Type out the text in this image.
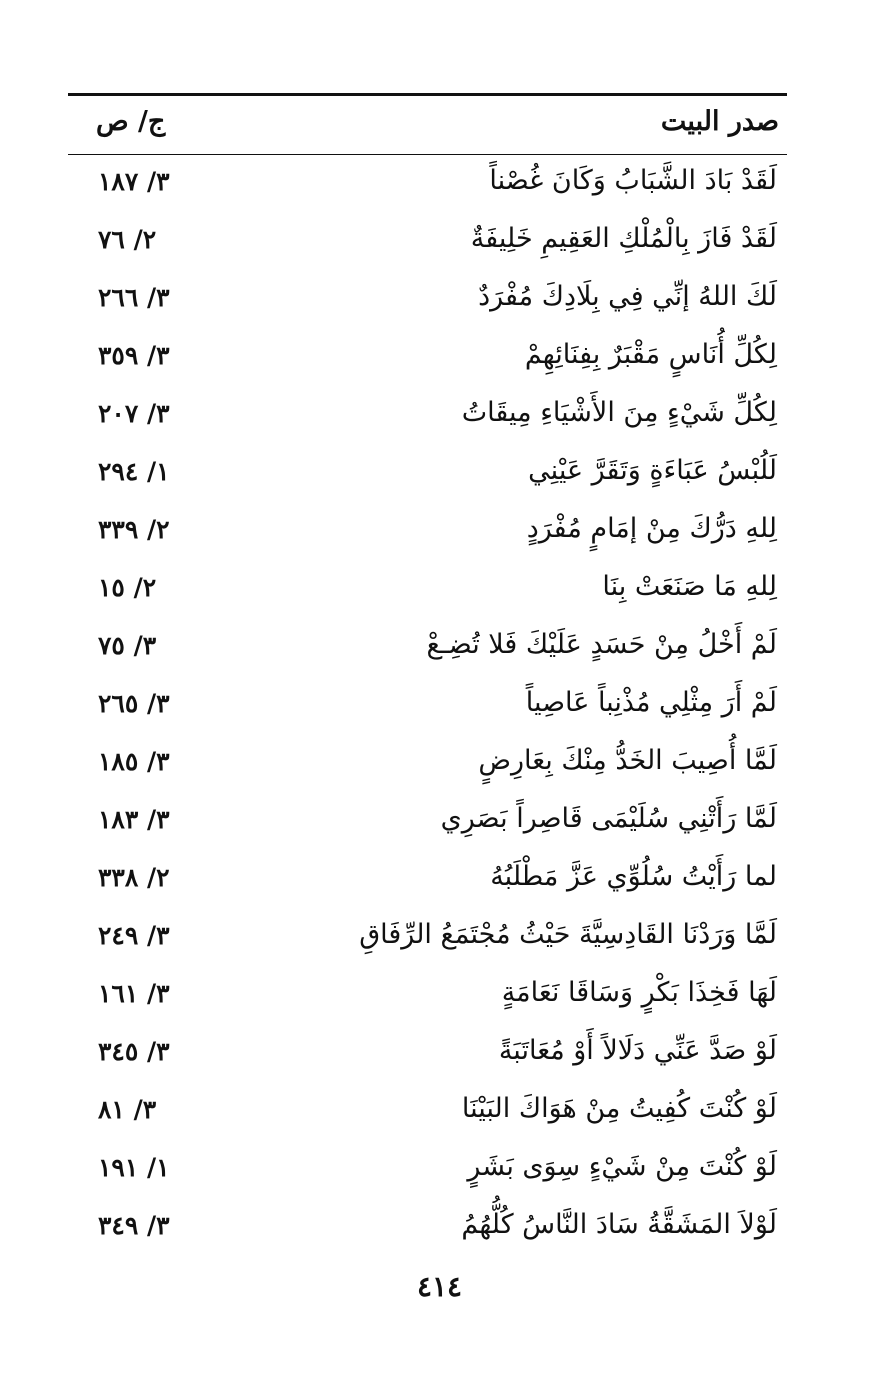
صدر البيت
ج/ ص
لَقَدْ بَادَ الشَّبَابُ وَكَانَ غُصْناً
٣/ ١٨٧
لَقَدْ فَازَ بِالْمُلْكِ العَقِيمِ خَلِيفَةٌ
٢/ ٧٦
لَكَ اللهُ إنِّي فِي بِلَادِكَ مُفْرَدٌ
٣/ ٢٦٦
لِكُلِّ أُنَاسٍ مَقْبَرٌ بِفِنَائِهِمْ
٣/ ٣٥٩
لِكُلِّ شَيْءٍ مِنَ الأَشْيَاءِ مِيقَاتُ
٣/ ٢٠٧
لَلُبْسُ عَبَاءَةٍ وَتَقَرَّ عَيْنِي
١/ ٢٩٤
لِلهِ دَرُّكَ مِنْ إمَامٍ مُفْرَدٍ
٢/ ٣٣٩
لِلهِ مَا صَنَعَتْ بِنَا
٢/ ١٥
لَمْ أَخْلُ مِنْ حَسَدٍ عَلَيْكَ فَلا تُضِـعْ
٣/ ٧٥
لَمْ أَرَ مِثْلِي مُذْنِباً عَاصِياً
٣/ ٢٦٥
لَمَّا أُصِيبَ الخَدُّ مِنْكَ بِعَارِضٍ
٣/ ١٨٥
لَمَّا رَأَتْنِي سُلَيْمَى قَاصِراً بَصَرِي
٣/ ١٨٣
لما رَأَيْتُ سُلُوِّي عَزَّ مَطْلَبُهُ
٢/ ٣٣٨
لَمَّا وَرَدْنَا القَادِسِيَّةَ حَيْثُ مُجْتَمَعُ الرِّفَاقِ
٣/ ٢٤٩
لَهَا فَخِذَا بَكْرٍ وَسَاقَا نَعَامَةٍ
٣/ ١٦١
لَوْ صَدَّ عَنِّي دَلَالاً أَوْ مُعَاتَبَةً
٣/ ٣٤٥
لَوْ كُنْتَ كُفِيتُ مِنْ هَوَاكَ البَيْنَا
٣/ ٨١
لَوْ كُنْتَ مِنْ شَيْءٍ سِوَى بَشَرٍ
١/ ١٩١
لَوْلاَ المَشَقَّةُ سَادَ النَّاسُ كُلُّهُمُ
٣/ ٣٤٩
٤١٤
